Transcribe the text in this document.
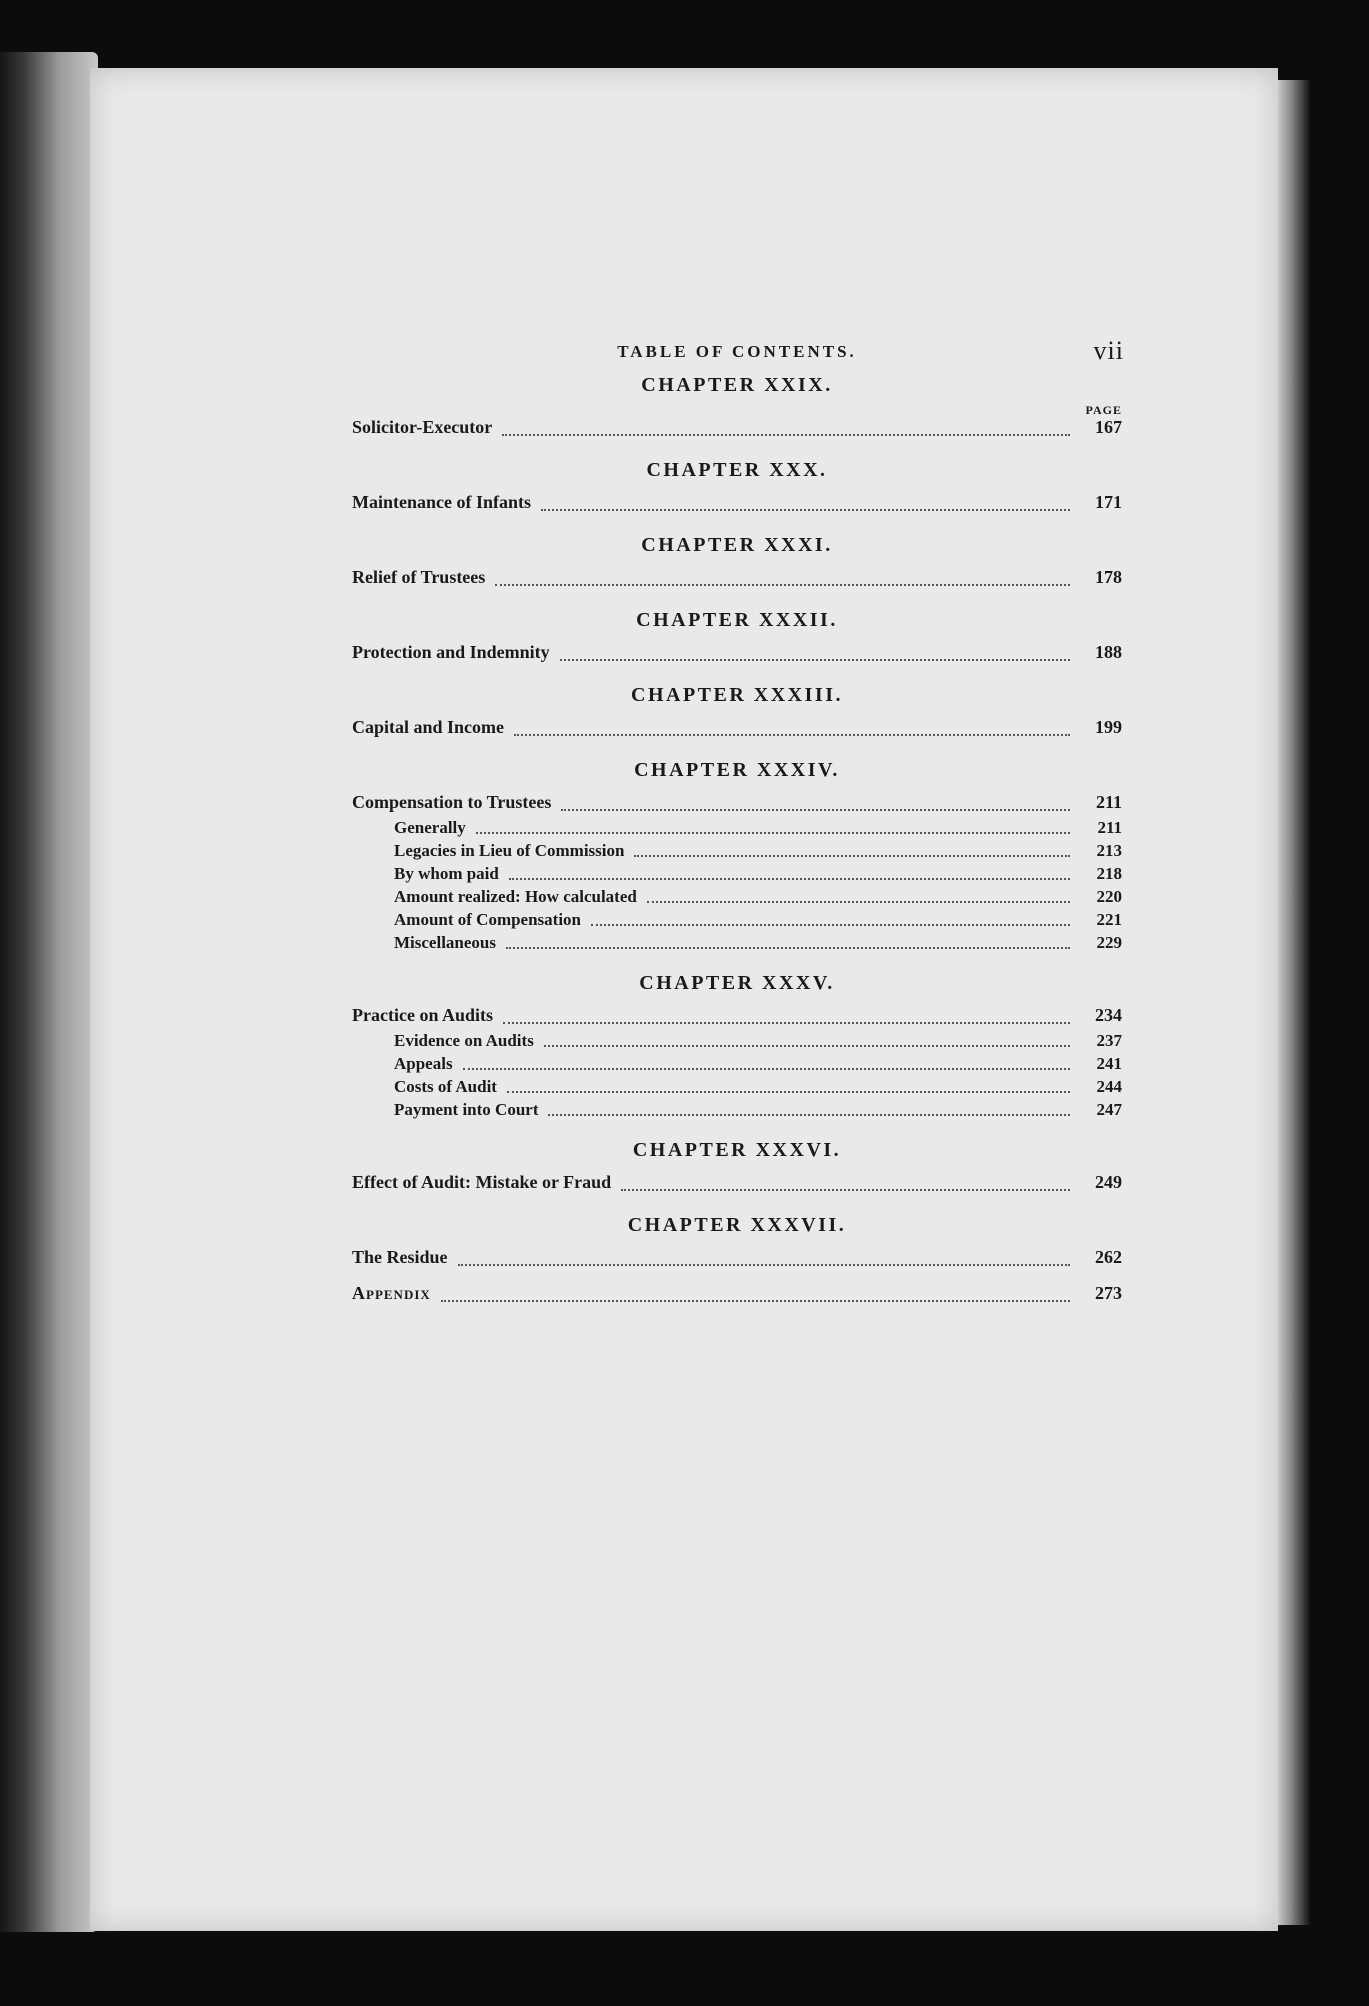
TABLE OF CONTENTS.	vii
CHAPTER XXIX.
PAGE
Solicitor-Executor	167
CHAPTER XXX.
Maintenance of Infants	171
CHAPTER XXXI.
Relief of Trustees	178
CHAPTER XXXII.
Protection and Indemnity	188
CHAPTER XXXIII.
Capital and Income	199
CHAPTER XXXIV.
Compensation to Trustees	211
Generally	211
Legacies in Lieu of Commission	213
By whom paid	218
Amount realized: How calculated	220
Amount of Compensation	221
Miscellaneous	229
CHAPTER XXXV.
Practice on Audits	234
Evidence on Audits	237
Appeals	241
Costs of Audit	244
Payment into Court	247
CHAPTER XXXVI.
Effect of Audit: Mistake or Fraud	249
CHAPTER XXXVII.
The Residue	262
Appendix	273
